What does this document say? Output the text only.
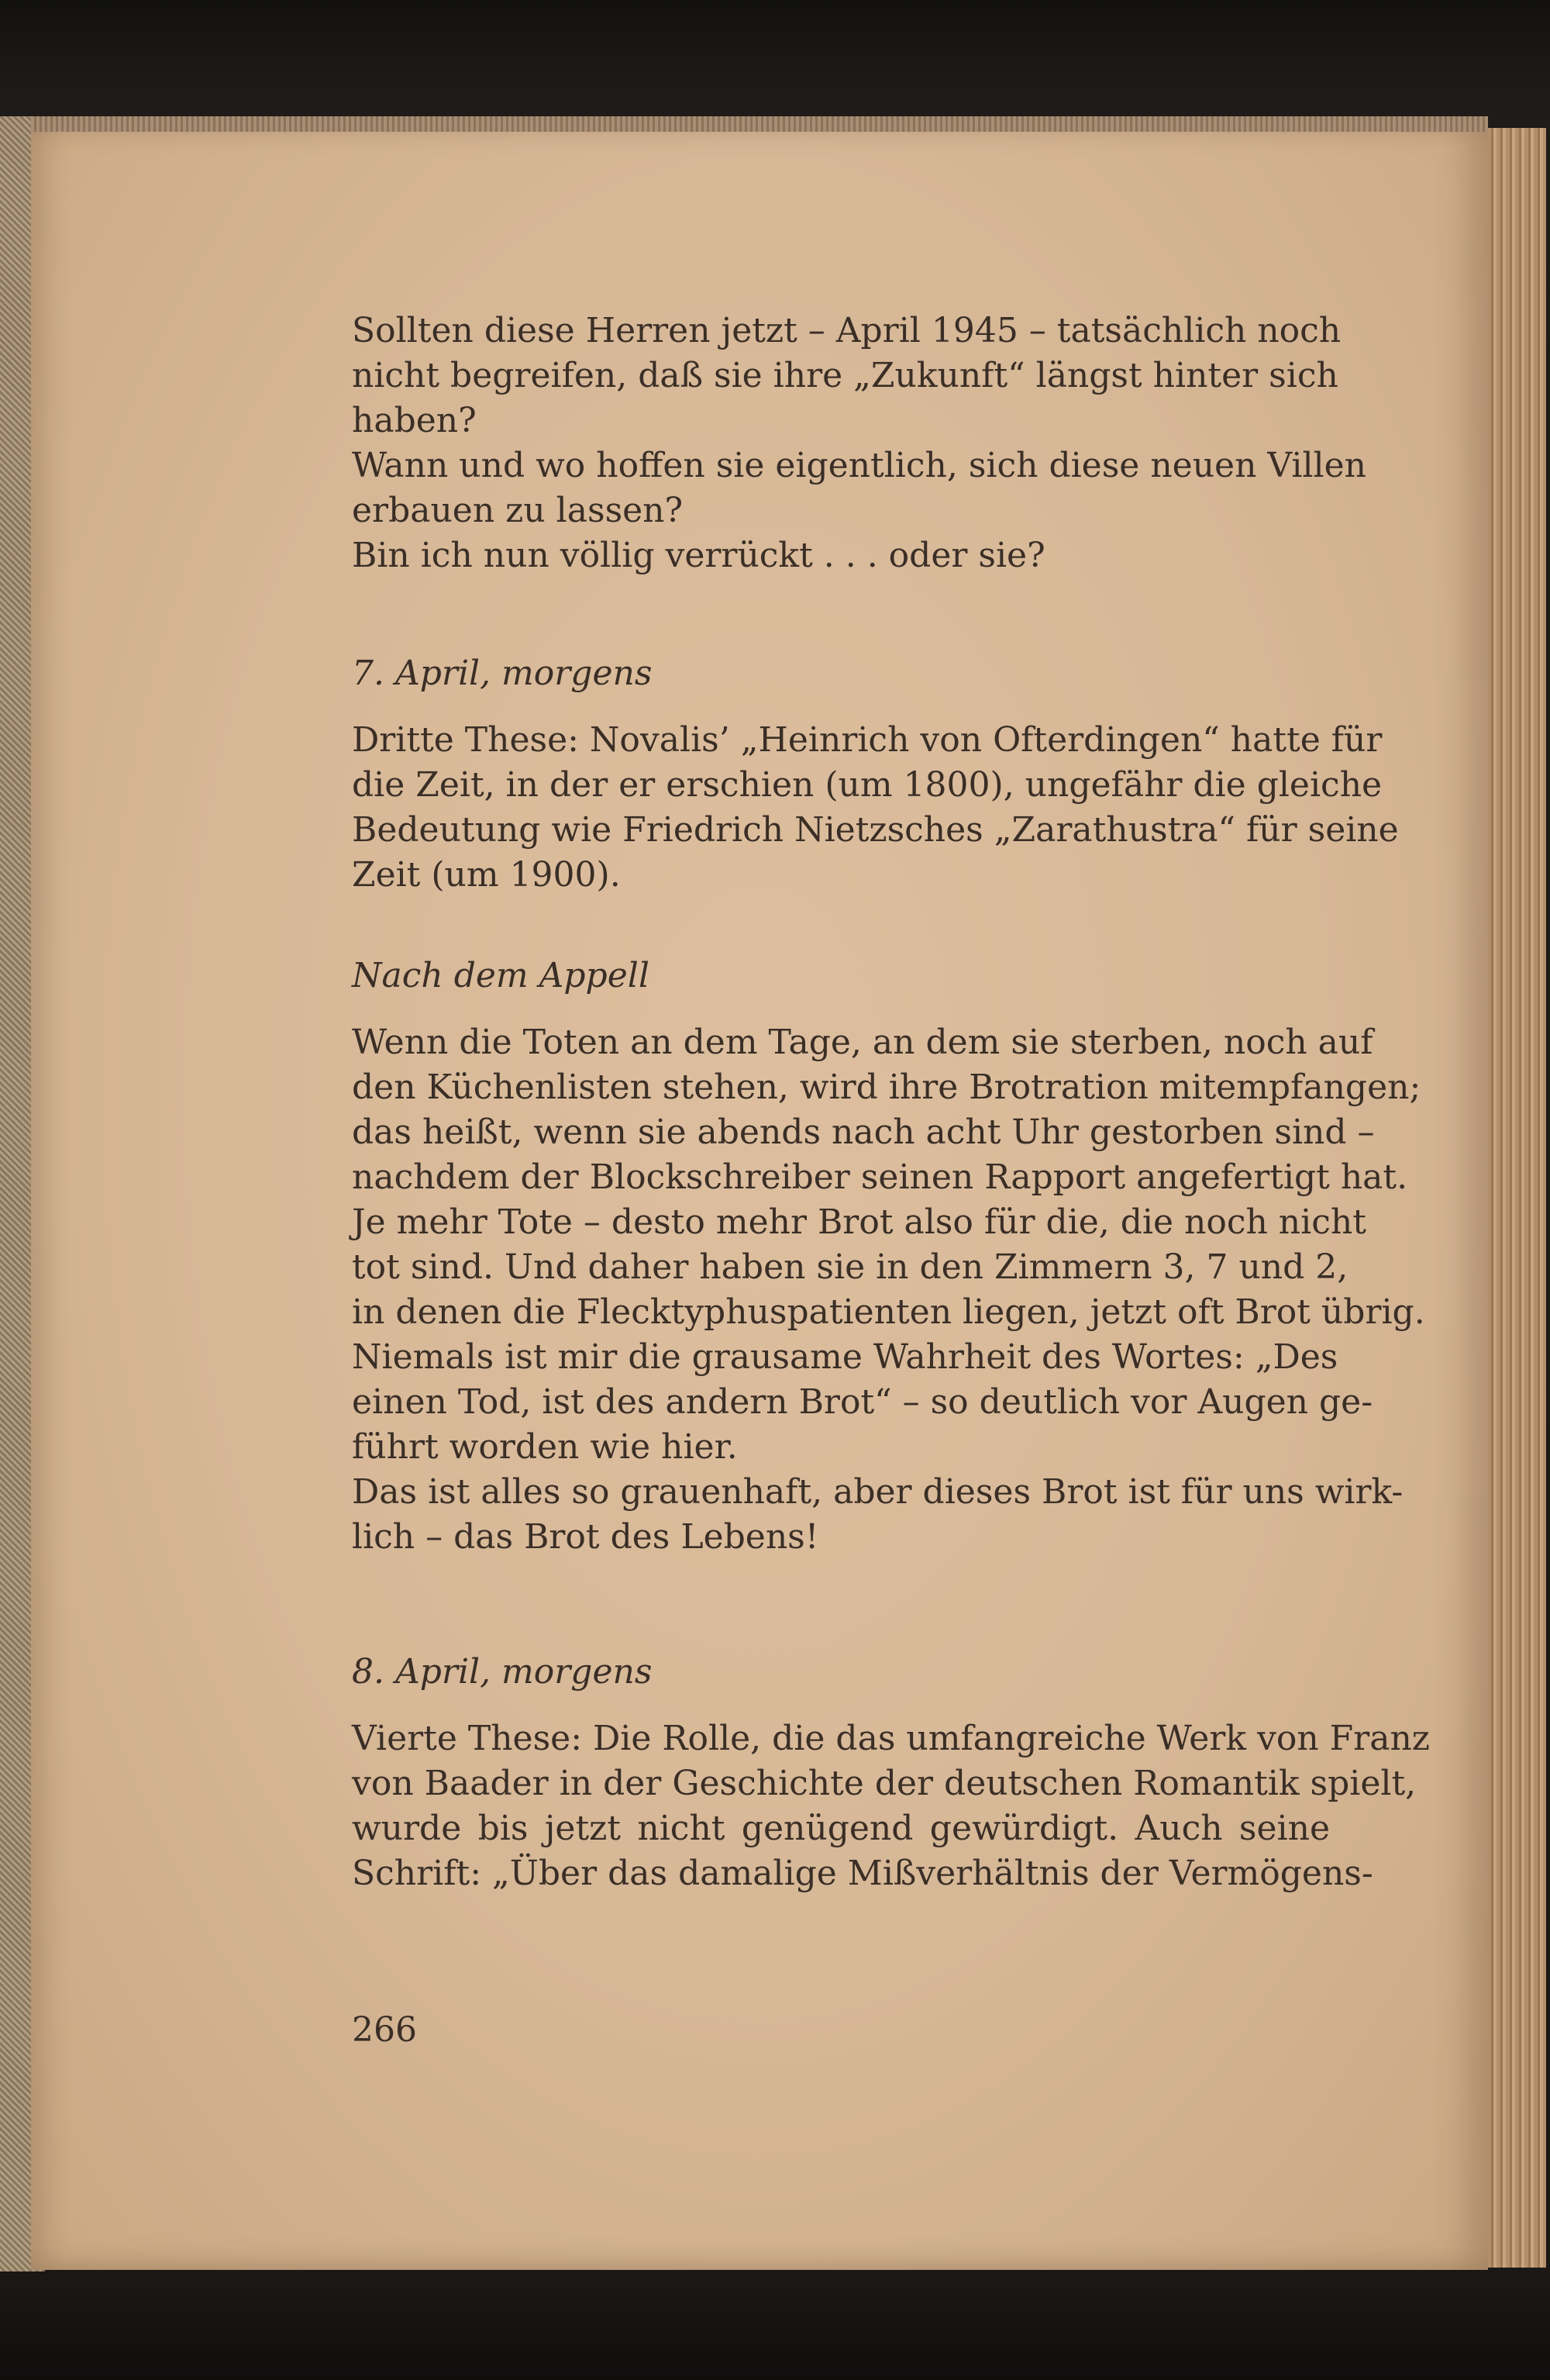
Sollten diese Herren jetzt – April 1945 – tatsächlich noch
nicht begreifen, daß sie ihre „Zukunft“ längst hinter sich
haben?
Wann und wo hoffen sie eigentlich, sich diese neuen Villen
erbauen zu lassen?
Bin ich nun völlig verrückt . . . oder sie?
7. April, morgens
Dritte These: Novalis’ „Heinrich von Ofterdingen“ hatte für
die Zeit, in der er erschien (um 1800), ungefähr die gleiche
Bedeutung wie Friedrich Nietzsches „Zarathustra“ für seine
Zeit (um 1900).
Nach dem Appell
Wenn die Toten an dem Tage, an dem sie sterben, noch auf
den Küchenlisten stehen, wird ihre Brotration mitempfangen;
das heißt, wenn sie abends nach acht Uhr gestorben sind –
nachdem der Blockschreiber seinen Rapport angefertigt hat.
Je mehr Tote – desto mehr Brot also für die, die noch nicht
tot sind. Und daher haben sie in den Zimmern 3, 7 und 2,
in denen die Flecktyphuspatienten liegen, jetzt oft Brot übrig.
Niemals ist mir die grausame Wahrheit des Wortes: „Des
einen Tod, ist des andern Brot“ – so deutlich vor Augen ge-
führt worden wie hier.
Das ist alles so grauenhaft, aber dieses Brot ist für uns wirk-
lich – das Brot des Lebens!
8. April, morgens
Vierte These: Die Rolle, die das umfangreiche Werk von Franz
von Baader in der Geschichte der deutschen Romantik spielt,
wurde bis jetzt nicht genügend gewürdigt. Auch seine
Schrift: „Über das damalige Mißverhältnis der Vermögens-
266
